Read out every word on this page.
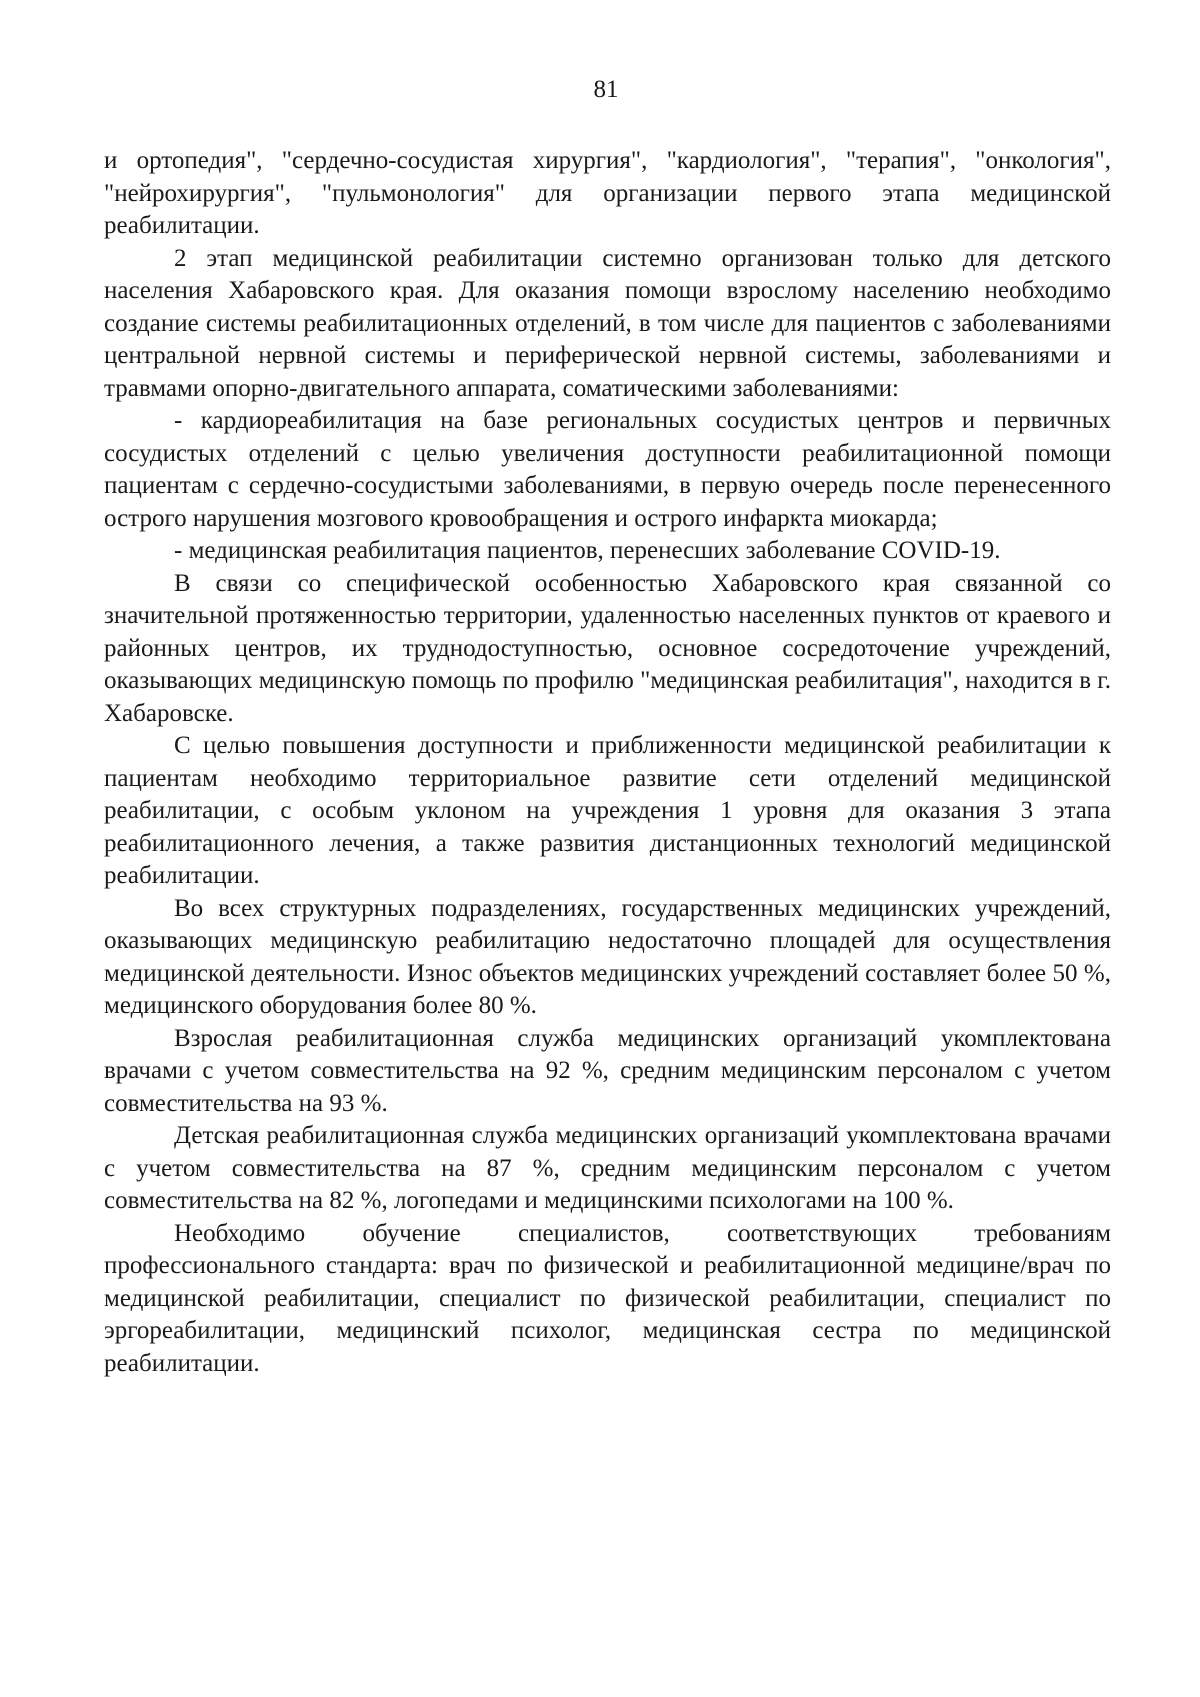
81

и ортопедия", "сердечно-сосудистая хирургия", "кардиология", "терапия", "онкология", "нейрохирургия", "пульмонология" для организации первого этапа медицинской реабилитации.

2 этап медицинской реабилитации системно организован только для детского населения Хабаровского края. Для оказания помощи взрослому населению необходимо создание системы реабилитационных отделений, в том числе для пациентов с заболеваниями центральной нервной системы и периферической нервной системы, заболеваниями и травмами опорно-двигательного аппарата, соматическими заболеваниями:

- кардиореабилитация на базе региональных сосудистых центров и первичных сосудистых отделений с целью увеличения доступности реабилитационной помощи пациентам с сердечно-сосудистыми заболеваниями, в первую очередь после перенесенного острого нарушения мозгового кровообращения и острого инфаркта миокарда;

- медицинская реабилитация пациентов, перенесших заболевание COVID-19.

В связи со специфической особенностью Хабаровского края связанной со значительной протяженностью территории, удаленностью населенных пунктов от краевого и районных центров, их труднодоступностью, основное сосредоточение учреждений, оказывающих медицинскую помощь по профилю "медицинская реабилитация", находится в г. Хабаровске.

С целью повышения доступности и приближенности медицинской реабилитации к пациентам необходимо территориальное развитие сети отделений медицинской реабилитации, с особым уклоном на учреждения 1 уровня для оказания 3 этапа реабилитационного лечения, а также развития дистанционных технологий медицинской реабилитации.

Во всех структурных подразделениях, государственных медицинских учреждений, оказывающих медицинскую реабилитацию недостаточно площадей для осуществления медицинской деятельности. Износ объектов медицинских учреждений составляет более 50 %, медицинского оборудования более 80 %.

Взрослая реабилитационная служба медицинских организаций укомплектована врачами с учетом совместительства на 92 %, средним медицинским персоналом с учетом совместительства на 93 %.

Детская реабилитационная служба медицинских организаций укомплектована врачами с учетом совместительства на 87 %, средним медицинским персоналом с учетом совместительства на 82 %, логопедами и медицинскими психологами на 100 %.

Необходимо обучение специалистов, соответствующих требованиям профессионального стандарта: врач по физической и реабилитационной медицине/врач по медицинской реабилитации, специалист по физической реабилитации, специалист по эргореабилитации, медицинский психолог, медицинская сестра по медицинской реабилитации.
